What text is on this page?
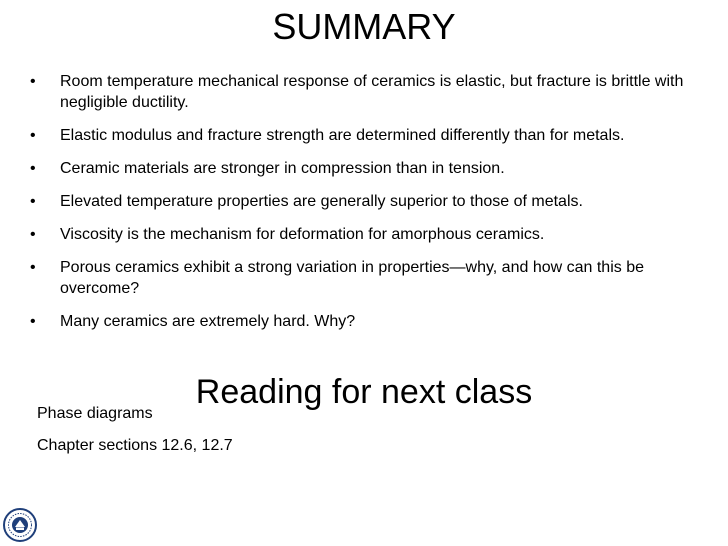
SUMMARY
• Room temperature mechanical response of ceramics is elastic, but fracture is brittle with negligible ductility.
• Elastic modulus and fracture strength are determined differently than for metals.
• Ceramic materials are stronger in compression than in tension.
• Elevated temperature properties are generally superior to those of metals.
• Viscosity is the mechanism for deformation for amorphous ceramics.
• Porous ceramics exhibit a strong variation in properties—why, and how can this be overcome?
• Many ceramics are extremely hard. Why?
Reading for next class
Phase diagrams
Chapter sections 12.6, 12.7
